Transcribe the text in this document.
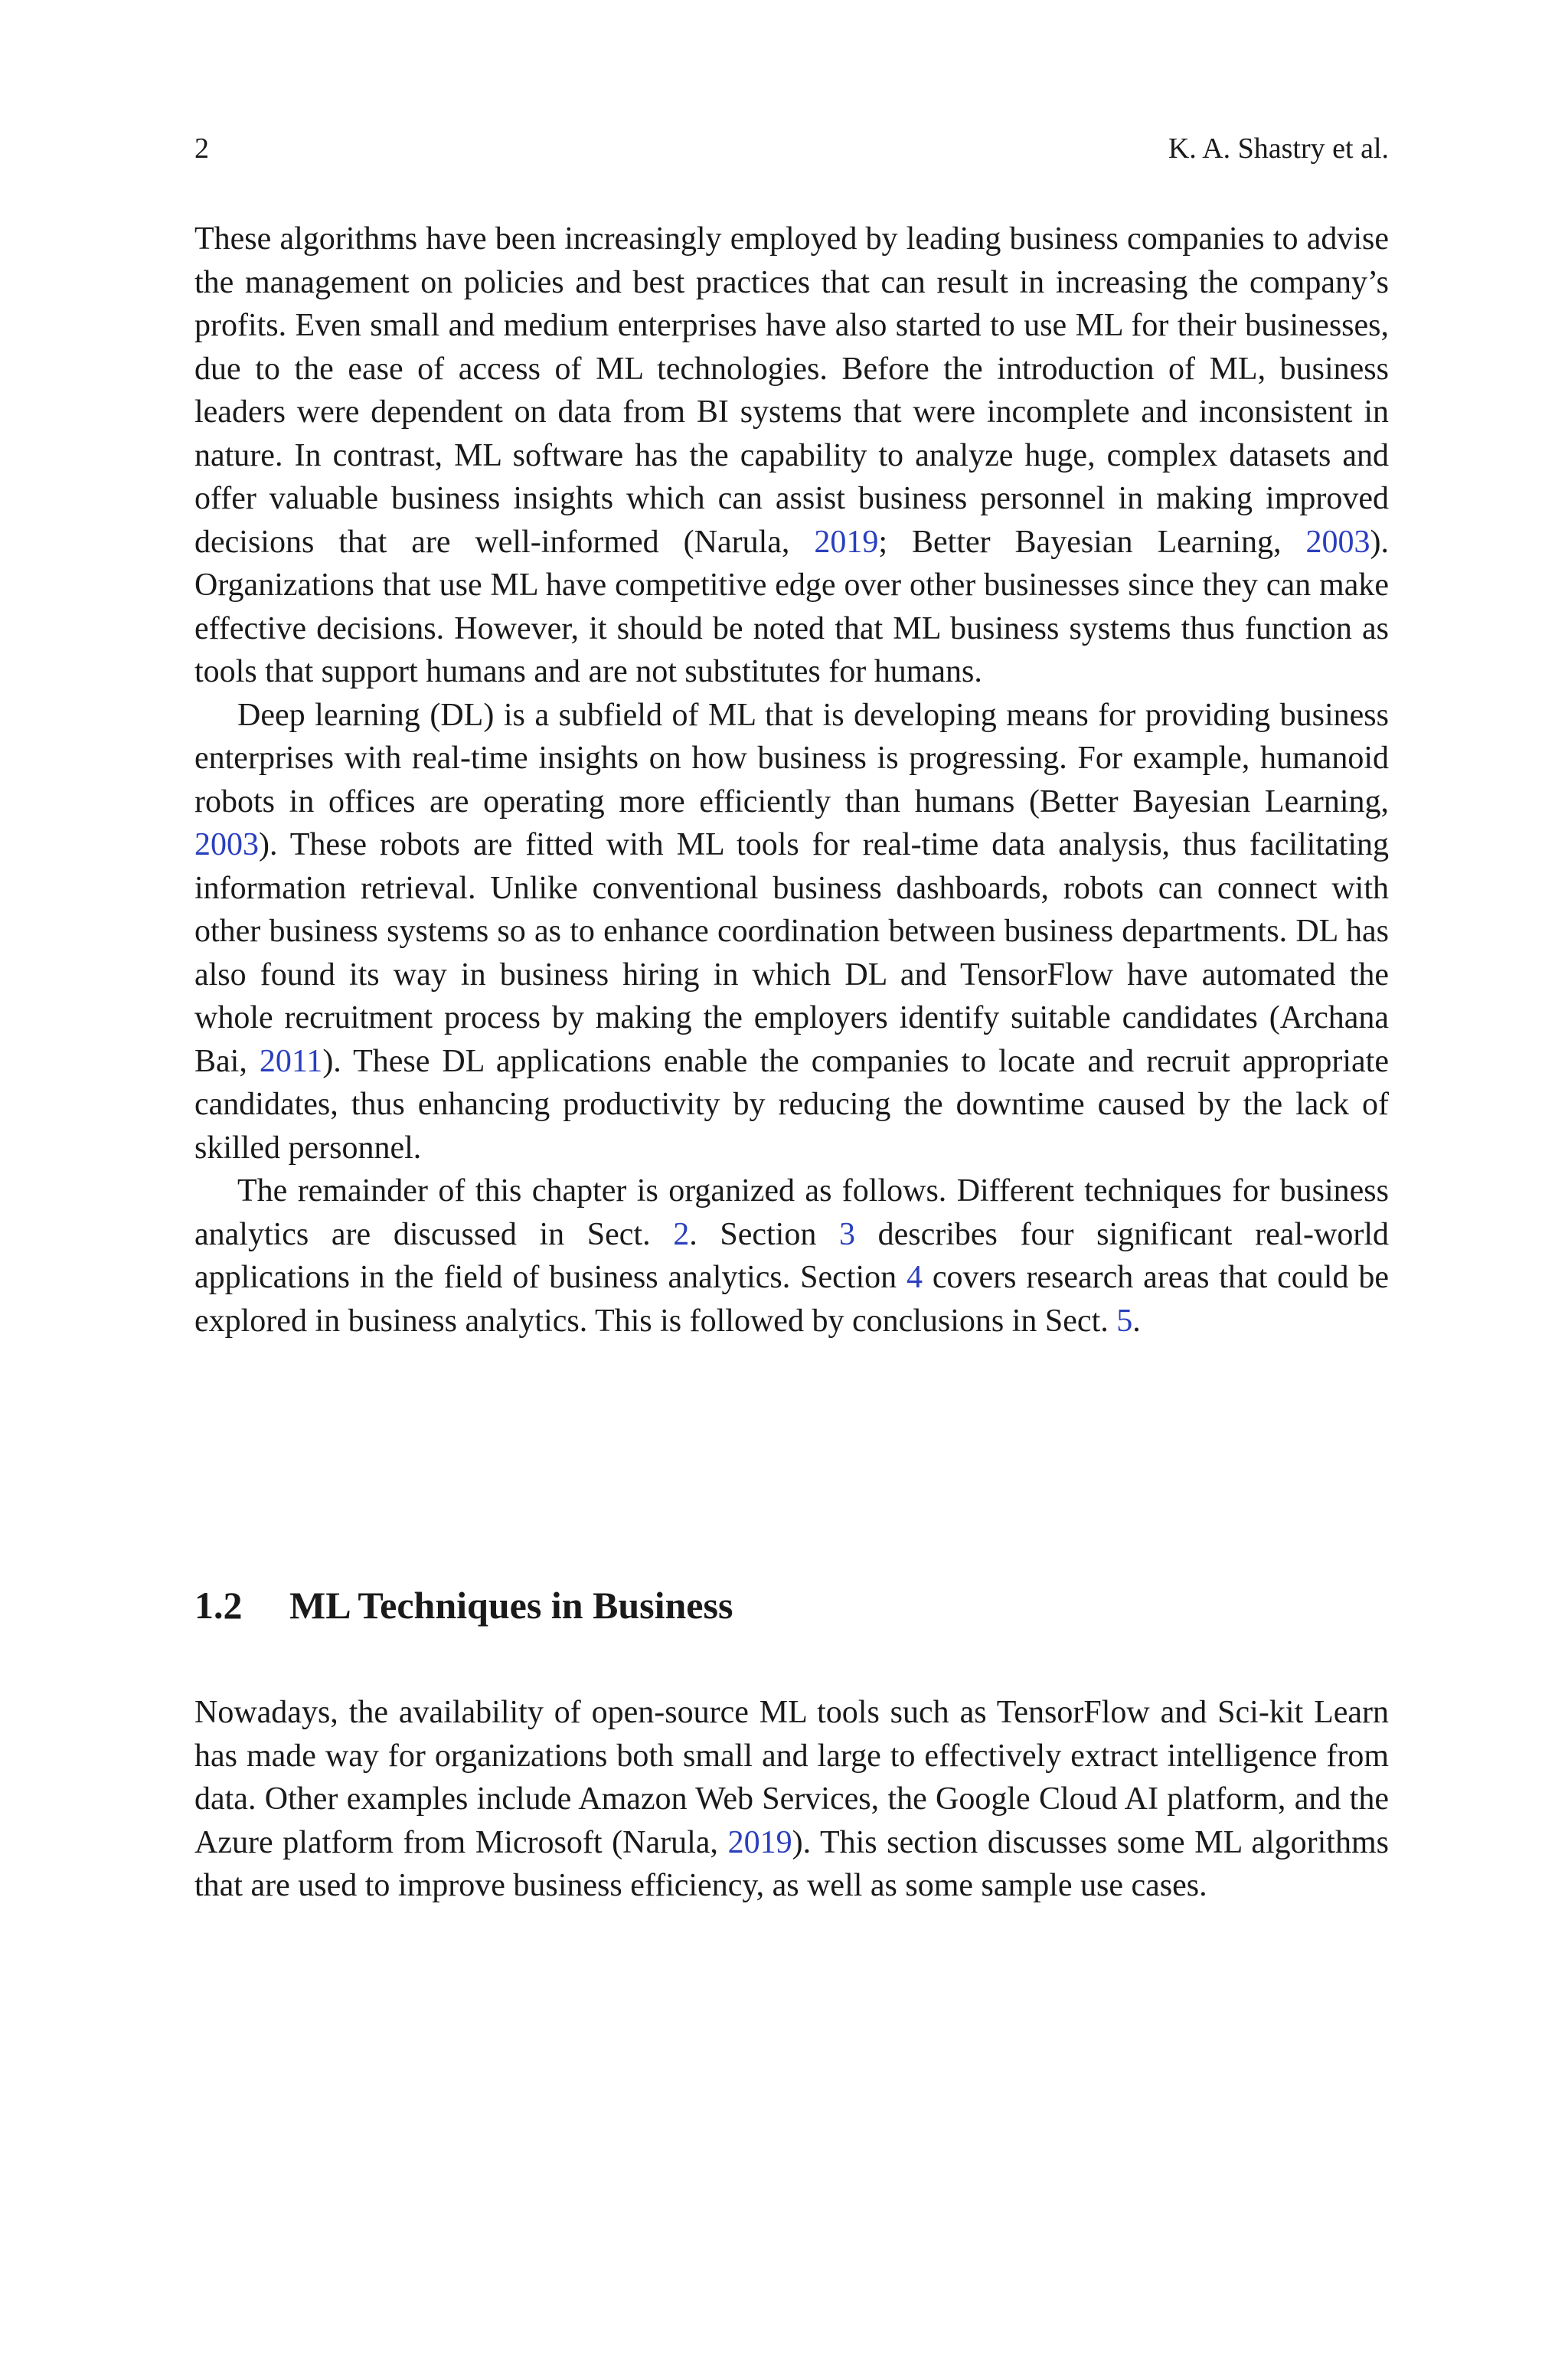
2	K. A. Shastry et al.

These algorithms have been increasingly employed by leading business companies to advise the management on policies and best practices that can result in increasing the company’s profits. Even small and medium enterprises have also started to use ML for their businesses, due to the ease of access of ML technologies. Before the introduction of ML, business leaders were dependent on data from BI systems that were incomplete and inconsistent in nature. In contrast, ML software has the capability to analyze huge, complex datasets and offer valuable business insights which can assist business personnel in making improved decisions that are well-informed (Narula, 2019; Better Bayesian Learning, 2003). Organizations that use ML have competitive edge over other businesses since they can make effective decisions. However, it should be noted that ML business systems thus function as tools that support humans and are not substitutes for humans.

Deep learning (DL) is a subfield of ML that is developing means for providing business enterprises with real-time insights on how business is progressing. For example, humanoid robots in offices are operating more efficiently than humans (Better Bayesian Learning, 2003). These robots are fitted with ML tools for real-time data analysis, thus facilitating information retrieval. Unlike conventional business dashboards, robots can connect with other business systems so as to enhance coordination between business departments. DL has also found its way in business hiring in which DL and TensorFlow have automated the whole recruitment process by making the employers identify suitable candidates (Archana Bai, 2011). These DL applications enable the companies to locate and recruit appropriate candidates, thus enhancing productivity by reducing the downtime caused by the lack of skilled personnel.

The remainder of this chapter is organized as follows. Different techniques for business analytics are discussed in Sect. 2. Section 3 describes four significant real-world applications in the field of business analytics. Section 4 covers research areas that could be explored in business analytics. This is followed by conclusions in Sect. 5.

1.2 ML Techniques in Business

Nowadays, the availability of open-source ML tools such as TensorFlow and Sci-kit Learn has made way for organizations both small and large to effectively extract intelligence from data. Other examples include Amazon Web Services, the Google Cloud AI platform, and the Azure platform from Microsoft (Narula, 2019). This section discusses some ML algorithms that are used to improve business efficiency, as well as some sample use cases.
